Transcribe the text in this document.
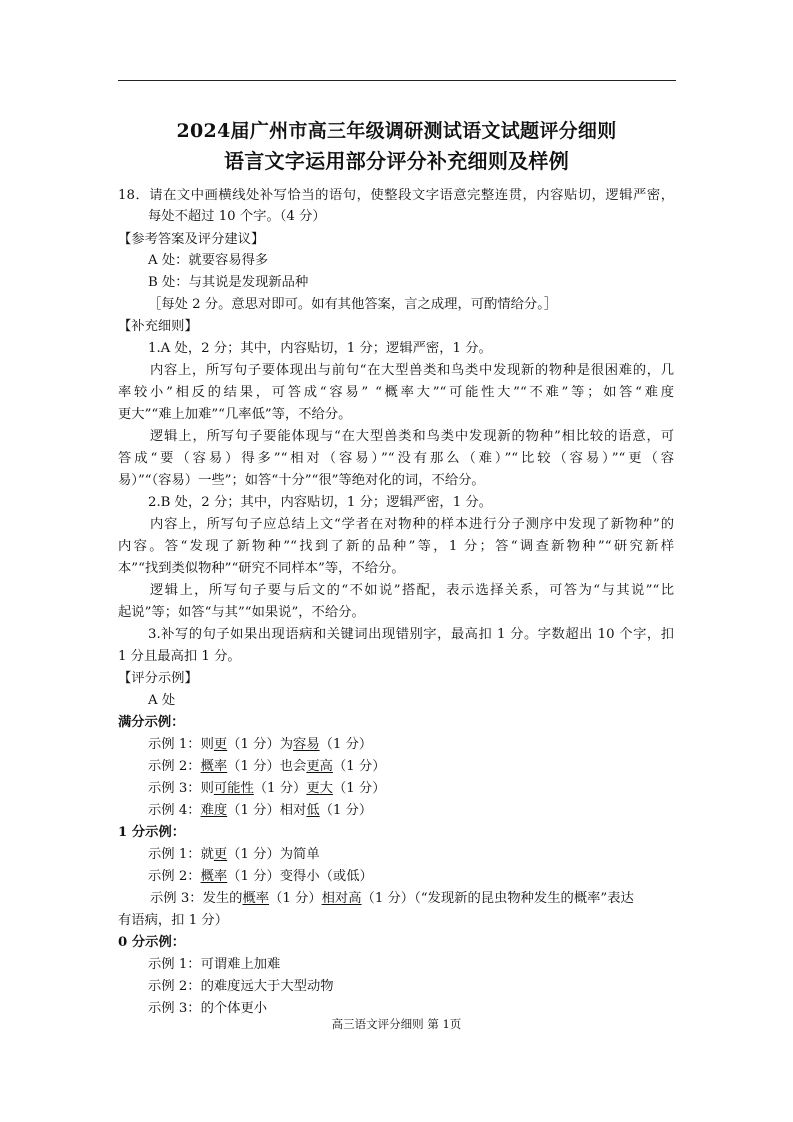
2024届广州市高三年级调研测试语文试题评分细则
语言文字运用部分评分补充细则及样例
18．请在文中画横线处补写恰当的语句，使整段文字语意完整连贯，内容贴切，逻辑严密，
每处不超过 10 个字。（4 分）
【参考答案及评分建议】
A 处：就要容易得多
B 处：与其说是发现新品种
［每处 2 分。意思对即可。如有其他答案，言之成理，可酌情给分。］
【补充细则】
1.A 处，2 分；其中，内容贴切，1 分；逻辑严密，1 分。
内容上，所写句子要体现出与前句“在大型兽类和鸟类中发现新的物种是很困难的，几
率较小”相反的结果，可答成“容易” “概率大”“可能性大”“不难”等；如答“难度
更大”“难上加难”“几率低”等，不给分。
逻辑上，所写句子要能体现与“在大型兽类和鸟类中发现新的物种”相比较的语意，可
答成“要（容易）得多”“相对（容易）”“没有那么（难）”“比较（容易）”“更（容
易）”“（容易）一些”；如答“十分”“很”等绝对化的词，不给分。
2.B 处，2 分；其中，内容贴切，1 分；逻辑严密，1 分。
内容上，所写句子应总结上文“学者在对物种的样本进行分子测序中发现了新物种”的
内容。答“发现了新物种”“找到了新的品种”等，1 分；答“调查新物种”“研究新样
本”“找到类似物种”“研究不同样本”等，不给分。
逻辑上，所写句子要与后文的“不如说”搭配，表示选择关系，可答为“与其说”“比
起说”等；如答“与其”“如果说”，不给分。
3.补写的句子如果出现语病和关键词出现错别字，最高扣 1 分。字数超出 10 个字，扣
1 分且最高扣 1 分。
【评分示例】
A 处
满分示例：
示例 1：则更（1 分）为容易（1 分）
示例 2：概率（1 分）也会更高（1 分）
示例 3：则可能性（1 分）更大（1 分）
示例 4：难度（1 分）相对低（1 分）
1 分示例：
示例 1：就更（1 分）为简单
示例 2：概率（1 分）变得小（或低）
示例 3：发生的概率（1 分）相对高（1 分）（“发现新的昆虫物种发生的概率”表达
有语病，扣 1 分）
0 分示例：
示例 1：可谓难上加难
示例 2：的难度远大于大型动物
示例 3：的个体更小
高三语文评分细则 第 1页
